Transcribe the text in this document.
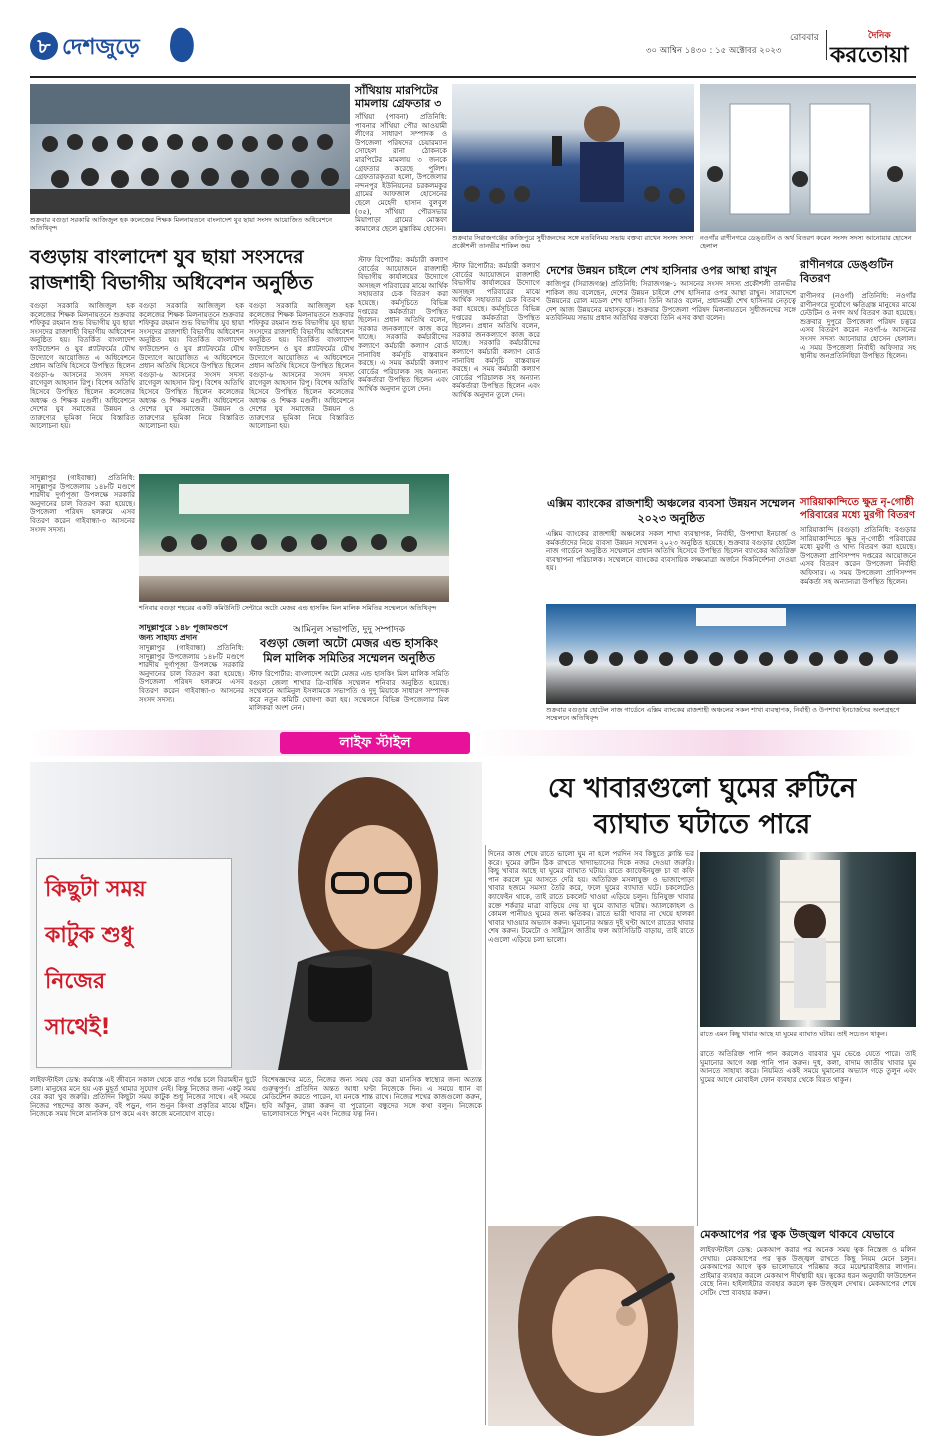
৮ দেশজুড়ে	রোববার
৩০ আশ্বিন ১৪৩০ : ১৫ অক্টোবর ২০২৩
দৈনিক
করতোয়া
শুক্রবার বগুড়া সরকারি আজিজুল হক কলেজের শিক্ষক মিলনায়তনে বাংলাদেশ যুব ছায়া সংসদ আয়োজিত অধিবেশনে অতিথিবৃন্দ
সাঁথিয়ায় মারপিটের মামলায় গ্রেফতার ৩
সাঁথিয়া (পাবনা) প্রতিনিধি: পাবনার সাঁথিয়া পৌর আওয়ামী লীগের সাধারণ সম্পাদক ও উপজেলা পরিষদের চেয়ারম্যান সোহেল রানা ঠোকনকে মারপিটের মামলায় ৩ জনকে গ্রেফতার করেছে পুলিশ। গ্রেফতারকৃতরা হলো, উপজেলার নন্দনপুর ইউনিয়নের চরকলমকুর গ্রামের আফজাল হোসেনের ছেলে মেহেদী হাসান বুলবুল (৩৫), সাঁথিয়া পৌরসভার মিয়াপাড়া গ্রামের মোস্তফা কামালের ছেলে মুস্তাকিম হোসেন।
শুক্রবার সিরাজগঞ্জের কাজিপুরে সুধীজনদের সঙ্গে মতবিনিময় সভায় বক্তব্য রাখেন সংসদ সদস্য প্রকৌশলী তানভীর শাকিল জয়
নওগাঁর রাণীনগরে ডেঙ্গুটিন ও অর্থ বিতরণ করেন সংসদ সদস্য আনোয়ার হোসেন হেলাল
বগুড়ায় বাংলাদেশ যুব ছায়া সংসদের রাজশাহী বিভাগীয় অধিবেশন অনুষ্ঠিত
বগুড়া সরকারি আজিজুল হক কলেজের শিক্ষক মিলনায়তনে শুক্রবার শফিকুর রহমান শুভ বিভাগীয় যুব ছায়া সংসদের রাজশাহী বিভাগীয় অধিবেশন অনুষ্ঠিত হয়। বিতর্কিত বাংলাদেশ ফাউন্ডেশন ও যুব প্ল্যাটফর্মের যৌথ উদ্যোগে আয়োজিত এ অধিবেশনে প্রধান অতিথি হিসেবে উপস্থিত ছিলেন বগুড়া-৬ আসনের সংসদ সদস্য রাগেবুল আহসান রিপু। বিশেষ অতিথি হিসেবে উপস্থিত ছিলেন কলেজের অধ্যক্ষ ও শিক্ষক মণ্ডলী। অধিবেশনে দেশের যুব সমাজের উন্নয়ন ও তারুণ্যের ভূমিকা নিয়ে বিস্তারিত আলোচনা হয়।
বগুড়া সরকারি আজিজুল হক কলেজের শিক্ষক মিলনায়তনে শুক্রবার শফিকুর রহমান শুভ বিভাগীয় যুব ছায়া সংসদের রাজশাহী বিভাগীয় অধিবেশন অনুষ্ঠিত হয়। বিতর্কিত বাংলাদেশ ফাউন্ডেশন ও যুব প্ল্যাটফর্মের যৌথ উদ্যোগে আয়োজিত এ অধিবেশনে প্রধান অতিথি হিসেবে উপস্থিত ছিলেন বগুড়া-৬ আসনের সংসদ সদস্য রাগেবুল আহসান রিপু। বিশেষ অতিথি হিসেবে উপস্থিত ছিলেন কলেজের অধ্যক্ষ ও শিক্ষক মণ্ডলী। অধিবেশনে দেশের যুব সমাজের উন্নয়ন ও তারুণ্যের ভূমিকা নিয়ে বিস্তারিত আলোচনা হয়।
বগুড়া সরকারি আজিজুল হক কলেজের শিক্ষক মিলনায়তনে শুক্রবার শফিকুর রহমান শুভ বিভাগীয় যুব ছায়া সংসদের রাজশাহী বিভাগীয় অধিবেশন অনুষ্ঠিত হয়। বিতর্কিত বাংলাদেশ ফাউন্ডেশন ও যুব প্ল্যাটফর্মের যৌথ উদ্যোগে আয়োজিত এ অধিবেশনে প্রধান অতিথি হিসেবে উপস্থিত ছিলেন বগুড়া-৬ আসনের সংসদ সদস্য রাগেবুল আহসান রিপু। বিশেষ অতিথি হিসেবে উপস্থিত ছিলেন কলেজের অধ্যক্ষ ও শিক্ষক মণ্ডলী। অধিবেশনে দেশের যুব সমাজের উন্নয়ন ও তারুণ্যের ভূমিকা নিয়ে বিস্তারিত আলোচনা হয়।
স্টাফ রিপোর্টার: কর্মচারী কল্যাণ বোর্ডের আয়োজনে রাজশাহী বিভাগীয় কার্যালয়ের উদ্যোগে অসচ্ছল পরিবারের মাঝে আর্থিক সহায়তার চেক বিতরণ করা হয়েছে। কর্মসূচিতে বিভিন্ন দপ্তরের কর্মকর্তারা উপস্থিত ছিলেন। প্রধান অতিথি বলেন, সরকার জনকল্যাণে কাজ করে যাচ্ছে। সরকারি কর্মচারীদের কল্যাণে কর্মচারী কল্যাণ বোর্ড নানাবিধ কর্মসূচি বাস্তবায়ন করছে। এ সময় কর্মচারী কল্যাণ বোর্ডের পরিচালক সহ অন্যান্য কর্মকর্তারা উপস্থিত ছিলেন এবং আর্থিক অনুদান তুলে দেন।
দেশের উন্নয়ন চাইলে শেখ হাসিনার ওপর আস্থা রাখুন
স্টাফ রিপোর্টার: কর্মচারী কল্যাণ বোর্ডের আয়োজনে রাজশাহী বিভাগীয় কার্যালয়ের উদ্যোগে অসচ্ছল পরিবারের মাঝে আর্থিক সহায়তার চেক বিতরণ করা হয়েছে। কর্মসূচিতে বিভিন্ন দপ্তরের কর্মকর্তারা উপস্থিত ছিলেন। প্রধান অতিথি বলেন, সরকার জনকল্যাণে কাজ করে যাচ্ছে। সরকারি কর্মচারীদের কল্যাণে কর্মচারী কল্যাণ বোর্ড নানাবিধ কর্মসূচি বাস্তবায়ন করছে। এ সময় কর্মচারী কল্যাণ বোর্ডের পরিচালক সহ অন্যান্য কর্মকর্তারা উপস্থিত ছিলেন এবং আর্থিক অনুদান তুলে দেন।
কাজিপুর (সিরাজগঞ্জ) প্রতিনিধি: সিরাজগঞ্জ-১ আসনের সংসদ সদস্য প্রকৌশলী তানভীর শাকিল জয় বলেছেন, দেশের উন্নয়ন চাইলে শেখ হাসিনার ওপর আস্থা রাখুন। সারাদেশে উন্নয়নের রোল মডেল শেখ হাসিনা। তিনি আরও বলেন, প্রধানমন্ত্রী শেখ হাসিনার নেতৃত্বে দেশ আজ উন্নয়নের মহাসড়কে। শুক্রবার উপজেলা পরিষদ মিলনায়তনে সুধীজনদের সঙ্গে মতবিনিময় সভায় প্রধান অতিথির বক্তব্যে তিনি এসব কথা বলেন।
রাণীনগরে ডেঙ্গুটিন বিতরণ
রাণীনগর (নওগাঁ) প্রতিনিধি: নওগাঁর রাণীনগরে দুর্যোগে ক্ষতিগ্রস্ত মানুষের মাঝে ঢেউটিন ও নগদ অর্থ বিতরণ করা হয়েছে। শুক্রবার দুপুরে উপজেলা পরিষদ চত্বরে এসব বিতরণ করেন নওগাঁ-৬ আসনের সংসদ সদস্য আনোয়ার হোসেন হেলাল। এ সময় উপজেলা নির্বাহী অফিসার সহ স্থানীয় জনপ্রতিনিধিরা উপস্থিত ছিলেন।
সারিয়াকান্দিতে ক্ষুদ্র নৃ-গোষ্ঠী পরিবারের মধ্যে মুরগী বিতরণ
সারিয়াকান্দি (বগুড়া) প্রতিনিধি: বগুড়ার সারিয়াকান্দিতে ক্ষুদ্র নৃ-গোষ্ঠী পরিবারের মধ্যে মুরগী ও খাদ্য বিতরণ করা হয়েছে। উপজেলা প্রাণিসম্পদ দপ্তরের আয়োজনে এসব বিতরণ করেন উপজেলা নির্বাহী অফিসার। এ সময় উপজেলা প্রাণিসম্পদ কর্মকর্তা সহ অন্যান্যরা উপস্থিত ছিলেন।
শনিবার বগুড়া শহরের একটি কমিউনিটি সেন্টারে অটো মেজর এন্ড হাসকিং মিল মালিক সমিতির সম্মেলনে অতিথিবৃন্দ
সাদুল্লাপুর (গাইবান্ধা) প্রতিনিধি: সাদুল্লাপুর উপজেলায় ১৪৮টি মণ্ডপে শারদীয় দুর্গাপূজা উপলক্ষে সরকারি অনুদানের চাল বিতরণ করা হয়েছে। উপজেলা পরিষদ হলরুমে এসব বিতরণ করেন গাইবান্ধা-৩ আসনের সংসদ সদস্য।
সাদুল্লাপুরে ১৪৮ পূজামণ্ডপে জন্য সাহায্য প্রদান
সাদুল্লাপুর (গাইবান্ধা) প্রতিনিধি: সাদুল্লাপুর উপজেলায় ১৪৮টি মণ্ডপে শারদীয় দুর্গাপূজা উপলক্ষে সরকারি অনুদানের চাল বিতরণ করা হয়েছে। উপজেলা পরিষদ হলরুমে এসব বিতরণ করেন গাইবান্ধা-৩ আসনের সংসদ সদস্য।
আমিনুল সভাপতি, দুদু সম্পাদক
বগুড়া জেলা অটো মেজর এন্ড হাসকিং মিল মালিক সমিতির সম্মেলন অনুষ্ঠিত
স্টাফ রিপোর্টার: বাংলাদেশ অটো মেজর এন্ড হাসকিং মিল মালিক সমিতি বগুড়া জেলা শাখার ত্রি-বার্ষিক সম্মেলন শনিবার অনুষ্ঠিত হয়েছে। সম্মেলনে আমিনুল ইসলামকে সভাপতি ও দুদু মিয়াকে সাধারণ সম্পাদক করে নতুন কমিটি ঘোষণা করা হয়। সম্মেলনে বিভিন্ন উপজেলার মিল মালিকরা অংশ নেন।
এক্সিম ব্যাংকের রাজশাহী অঞ্চলের ব্যবসা উন্নয়ন সম্মেলন ২০২৩ অনুষ্ঠিত
এক্সিম ব্যাংকের রাজশাহী অঞ্চলের সকল শাখা ব্যবস্থাপক, নির্বাহী, উপশাখা ইনচার্জ ও কর্মকর্তাদের নিয়ে ব্যবসা উন্নয়ন সম্মেলন ২০২৩ অনুষ্ঠিত হয়েছে। শুক্রবার বগুড়ার হোটেল নাজ গার্ডেনে অনুষ্ঠিত সম্মেলনে প্রধান অতিথি হিসেবে উপস্থিত ছিলেন ব্যাংকের অতিরিক্ত ব্যবস্থাপনা পরিচালক। সম্মেলনে ব্যাংকের ব্যবসায়িক লক্ষ্যমাত্রা অর্জনে দিকনির্দেশনা দেওয়া হয়।
শুক্রবার বগুড়ার হোটেল নাজ গার্ডেনে এক্সিম ব্যাংকের রাজশাহী অঞ্চলের সকল শাখা ব্যবস্থাপক, নির্বাহী ও উপশাখা ইনচার্জদের অংশগ্রহণে সম্মেলনে অতিথিবৃন্দ
লাইফ স্টাইল
কিছুটা সময়
কাটুক শুধু
নিজের
সাথেই!
যে খাবারগুলো ঘুমের রুটিনে
ব্যাঘাত ঘটাতে পারে
দিনের কাজ শেষে রাতে ভালো ঘুম না হলে পরদিন সব কিছুতে ক্লান্তি ভর করে। ঘুমের রুটিন ঠিক রাখতে খাদ্যাভ্যাসের দিকে নজর দেওয়া জরুরি। কিছু খাবার আছে যা ঘুমের ব্যাঘাত ঘটায়। রাতে ক্যাফেইনযুক্ত চা বা কফি পান করলে ঘুম আসতে দেরি হয়। অতিরিক্ত মসলাযুক্ত ও ভাজাপোড়া খাবার হজমে সমস্যা তৈরি করে, ফলে ঘুমের ব্যাঘাত ঘটে। চকলেটেও ক্যাফেইন থাকে, তাই রাতে চকলেট খাওয়া এড়িয়ে চলুন। চিনিযুক্ত খাবার রক্তে শর্করার মাত্রা বাড়িয়ে দেয় যা ঘুমে ব্যাঘাত ঘটায়। অ্যালকোহল ও কোমল পানীয়ও ঘুমের জন্য ক্ষতিকর। রাতে ভারী খাবার না খেয়ে হালকা খাবার খাওয়ার অভ্যাস করুন। ঘুমানোর অন্তত দুই ঘণ্টা আগে রাতের খাবার শেষ করুন। টমেটো ও সাইট্রাস জাতীয় ফল অ্যাসিডিটি বাড়ায়, তাই রাতে এগুলো এড়িয়ে চলা ভালো।
রাতে এমন কিছু খাবার আছে যা ঘুমের ব্যাঘাত ঘটায়। তাই সচেতন থাকুন।
রাতে অতিরিক্ত পানি পান করলেও বারবার ঘুম ভেঙে যেতে পারে। তাই ঘুমানোর আগে অল্প পানি পান করুন। দুধ, কলা, বাদাম জাতীয় খাবার ঘুম আনতে সাহায্য করে। নিয়মিত একই সময়ে ঘুমানোর অভ্যাস গড়ে তুলুন এবং ঘুমের আগে মোবাইল ফোন ব্যবহার থেকে বিরত থাকুন।
লাইফস্টাইল ডেস্ক: কর্মব্যস্ত এই জীবনে সকাল থেকে রাত পর্যন্ত চলে বিরামহীন ছুটে চলা। মানুষের মনে হয় এক মুহূর্ত থামার সুযোগ নেই। কিন্তু নিজের জন্য একটু সময় বের করা খুব জরুরি। প্রতিদিন কিছুটা সময় কাটুক শুধু নিজের সাথে। এই সময়ে নিজের পছন্দের কাজ করুন, বই পড়ুন, গান শুনুন কিংবা প্রকৃতির মাঝে হাঁটুন। নিজেকে সময় দিলে মানসিক চাপ কমে এবং কাজে মনোযোগ বাড়ে।
বিশেষজ্ঞদের মতে, নিজের জন্য সময় বের করা মানসিক স্বাস্থ্যের জন্য অত্যন্ত গুরুত্বপূর্ণ। প্রতিদিন অন্তত আধা ঘণ্টা নিজেকে দিন। এ সময়ে ধ্যান বা মেডিটেশন করতে পারেন, যা মনকে শান্ত রাখে। নিজের শখের কাজগুলো করুন, ছবি আঁকুন, রান্না করুন বা পুরোনো বন্ধুদের সঙ্গে কথা বলুন। নিজেকে ভালোবাসতে শিখুন এবং নিজের যত্ন নিন।
মেকআপের পর ত্বক উজ্জ্বল থাকবে যেভাবে
লাইফস্টাইল ডেস্ক: মেকআপ করার পর অনেক সময় ত্বক নিস্তেজ ও মলিন দেখায়। মেকআপের পর ত্বক উজ্জ্বল রাখতে কিছু নিয়ম মেনে চলুন। মেকআপের আগে ত্বক ভালোভাবে পরিষ্কার করে ময়েশ্চারাইজার লাগান। প্রাইমার ব্যবহার করলে মেকআপ দীর্ঘস্থায়ী হয়। ত্বকের ধরন অনুযায়ী ফাউন্ডেশন বেছে নিন। হাইলাইটার ব্যবহার করলে ত্বক উজ্জ্বল দেখায়। মেকআপের শেষে সেটিং স্প্রে ব্যবহার করুন।
